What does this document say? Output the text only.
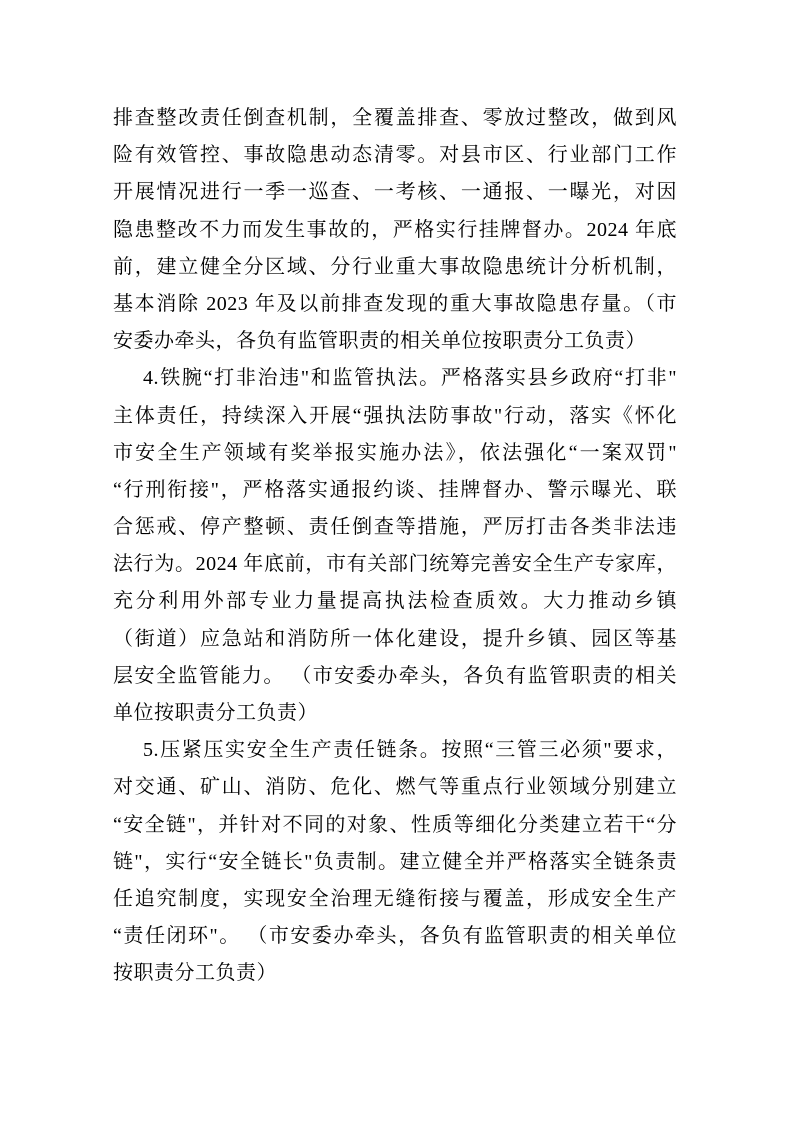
排查整改责任倒查机制，全覆盖排查、零放过整改，做到风
险有效管控、事故隐患动态清零。对县市区、行业部门工作
开展情况进行一季一巡查、一考核、一通报、一曝光，对因
隐患整改不力而发生事故的，严格实行挂牌督办。2024 年底
前，建立健全分区域、分行业重大事故隐患统计分析机制，
基本消除 2023 年及以前排查发现的重大事故隐患存量。（市
安委办牵头，各负有监管职责的相关单位按职责分工负责）
4.铁腕“打非治违"和监管执法。严格落实县乡政府“打非"
主体责任，持续深入开展“强执法防事故"行动，落实《怀化
市安全生产领域有奖举报实施办法》，依法强化“一案双罚"
“行刑衔接"，严格落实通报约谈、挂牌督办、警示曝光、联
合惩戒、停产整顿、责任倒查等措施，严厉打击各类非法违
法行为。2024 年底前，市有关部门统筹完善安全生产专家库，
充分利用外部专业力量提高执法检查质效。大力推动乡镇
（街道）应急站和消防所一体化建设，提升乡镇、园区等基
层安全监管能力。 （市安委办牵头，各负有监管职责的相关
单位按职责分工负责）
5.压紧压实安全生产责任链条。按照“三管三必须"要求，
对交通、矿山、消防、危化、燃气等重点行业领域分别建立
“安全链"，并针对不同的对象、性质等细化分类建立若干“分
链"，实行“安全链长"负责制。建立健全并严格落实全链条责
任追究制度，实现安全治理无缝衔接与覆盖，形成安全生产
“责任闭环"。 （市安委办牵头，各负有监管职责的相关单位
按职责分工负责）
